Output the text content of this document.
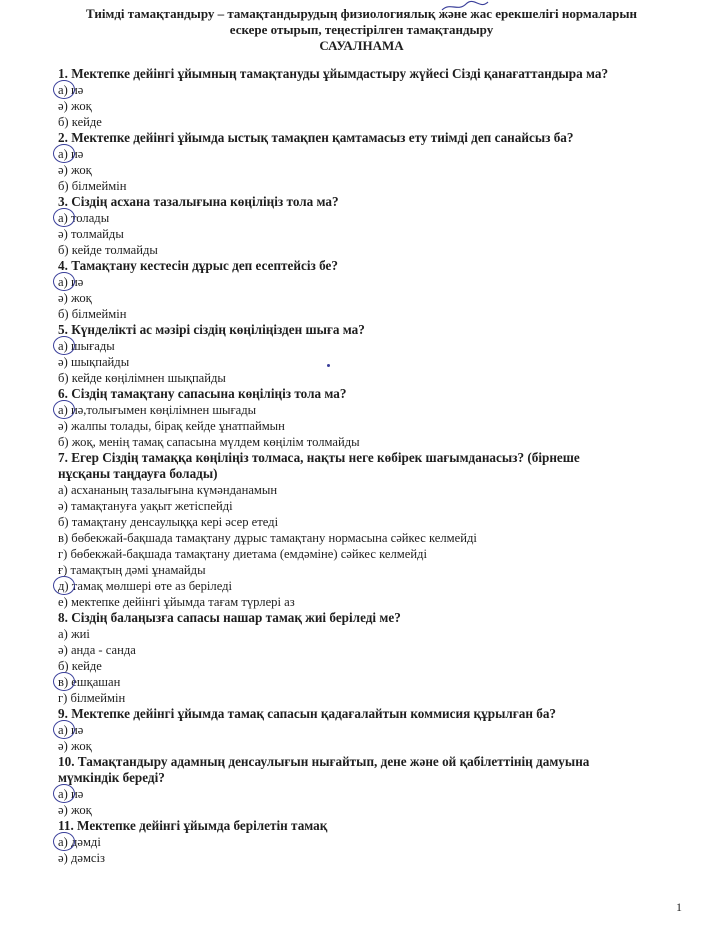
Тиімді тамақтандыру – тамақтандырудың физиологиялық және жас ерекшелігі нормаларын
ескере отырып, теңестірілген тамақтандыру
САУАЛНАМА
1. Мектепке дейінгі ұйымның тамақтануды ұйымдастыру жүйесі Сізді қанағаттандыра ма?
а) иә
ә) жоқ
б) кейде
2. Мектепке дейінгі ұйымда ыстық тамақпен қамтамасыз ету тиімді деп санайсыз ба?
а) иә
ә) жоқ
б) білмеймін
3. Сіздің асхана тазалығына көңіліңіз тола ма?
а) толады
ә) толмайды
б) кейде толмайды
4. Тамақтану кестесін дұрыс деп есептейсіз бе?
а) иә
ә) жоқ
б) білмеймін
5. Күнделікті ас мәзірі сіздің көңіліңізден шыға ма?
а) шығады
ә) шықпайды
б) кейде көңілімнен шықпайды
6. Сіздің тамақтану сапасына көңіліңіз тола ма?
а) иә,толығымен көңілімнен шығады
ә) жалпы толады, бірақ кейде ұнатпаймын
б) жоқ, менің тамақ сапасына мүлдем көңілім толмайды
7. Егер Сіздің тамаққа көңіліңіз толмаса, нақты неге көбірек шағымданасыз? (бірнеше
нұсқаны таңдауға болады)
а) асхананың тазалығына күмәнданамын
ә) тамақтануға уақыт жетіспейді
б) тамақтану денсаулыққа кері әсер етеді
в) бөбекжай-бақшада тамақтану дұрыс тамақтану нормасына сәйкес келмейді
г) бөбекжай-бақшада тамақтану диетама (емдәміне) сәйкес келмейді
ғ) тамақтың дәмі ұнамайды
д) тамақ мөлшері өте аз беріледі
е) мектепке дейінгі ұйымда тағам түрлері аз
8. Сіздің балаңызға сапасы нашар тамақ жиі беріледі ме?
а) жиі
ә) анда - санда
б) кейде
в) ешқашан
г) білмеймін
9. Мектепке дейінгі ұйымда тамақ сапасын қадағалайтын коммисия құрылған ба?
а) иә
ә) жоқ
10. Тамақтандыру адамның денсаулығын нығайтып, дене және ой қабілеттінің дамуына
мүмкіндік береді?
а) иә
ә) жоқ
11. Мектепке дейінгі ұйымда берілетін тамақ
а) дәмді
ә) дәмсіз
1
